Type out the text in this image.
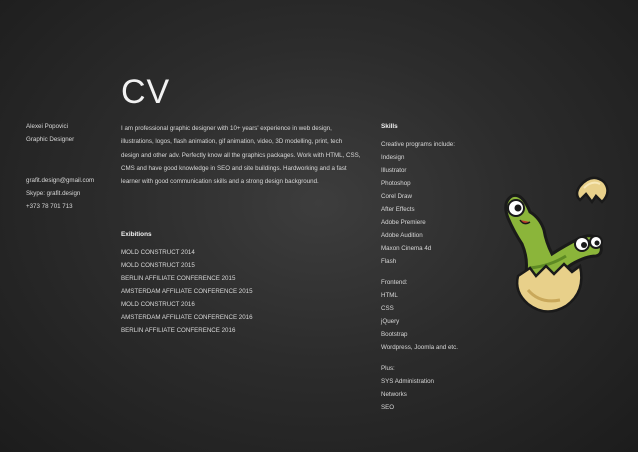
CV
Alexei Popovici
Graphic Designer
grafit.design@gmail.com
Skype: grafit.design
+373 78 701 713

I am professional graphic designer with 10+ years' experience in web design, illustrations, logos, flash animation, gif animation, video, 3D modelling, print, tech design and other adv. Perfectly know all the graphics packages. Work with HTML, CSS, CMS and have good knowledge in SEO and site buildings. Hardworking and a fast learner with good communication skills and a strong design background.

Exibitions
MOLD CONSTRUCT 2014
MOLD CONSTRUCT 2015
BERLIN AFFILIATE CONFERENCE 2015
AMSTERDAM AFFILIATE CONFERENCE 2015
MOLD CONSTRUCT 2016
AMSTERDAM AFFILIATE CONFERENCE 2016
BERLIN AFFILIATE CONFERENCE 2016
Skills
Creative programs include:
Indesign
Illustrator
Photoshop
Corel Draw
After Effects
Adobe Premiere
Adobe Audition
Maxon Cinema 4d
Flash
Frontend:
HTML
CSS
jQuery
Bootstrap
Wordpress, Joomla and etc.
Plus:
SYS Administration
Networks
SEO
